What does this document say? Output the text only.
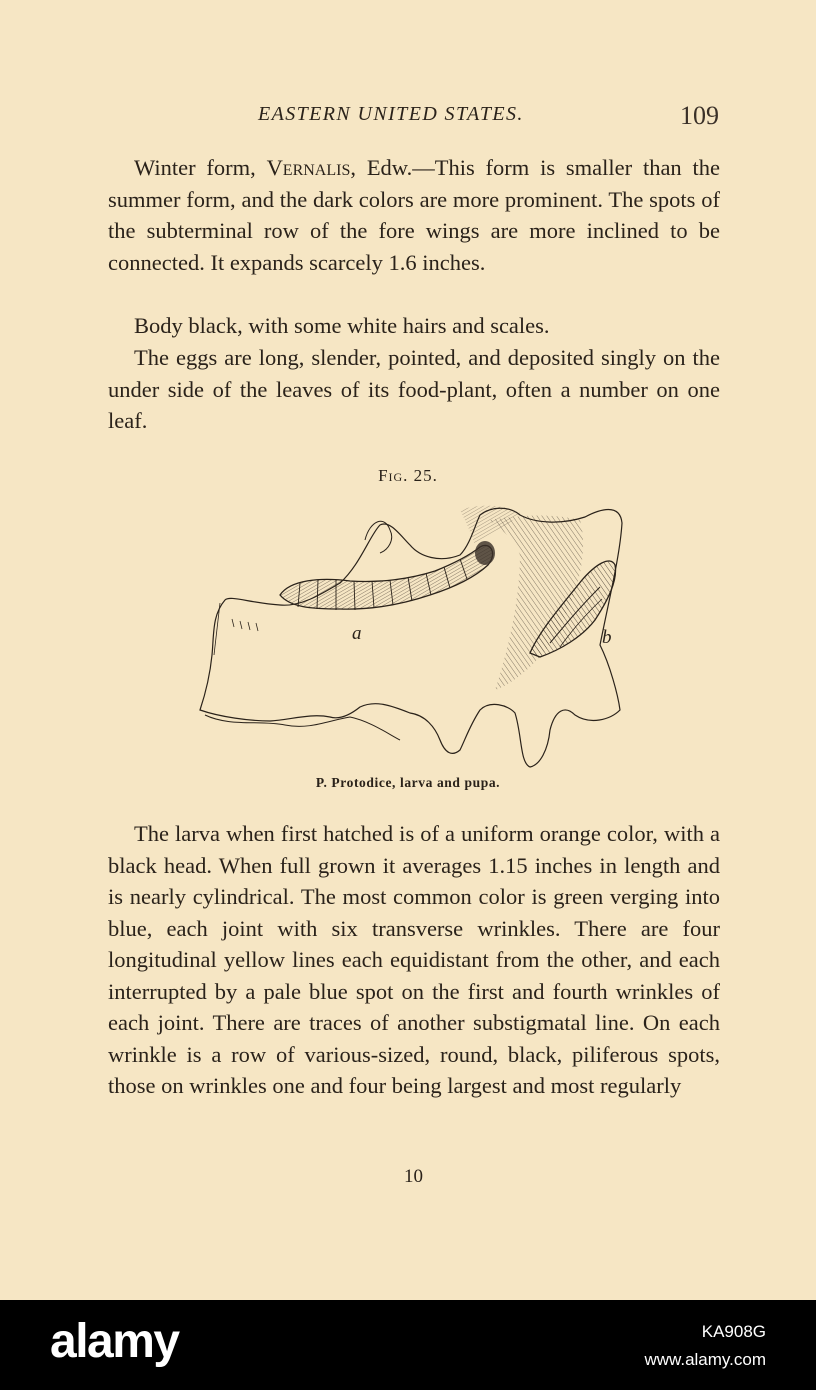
EASTERN UNITED STATES.	109

Winter form, Vernalis, Edw.—This form is smaller than the summer form, and the dark colors are more prominent. The spots of the subterminal row of the fore wings are more inclined to be connected. It expands scarcely 1.6 inches.

Body black, with some white hairs and scales.

The eggs are long, slender, pointed, and deposited singly on the under side of the leaves of its food-plant, often a number on one leaf.

Fig. 25.
a	b
P. Protodice, larva and pupa.

The larva when first hatched is of a uniform orange color, with a black head. When full grown it averages 1.15 inches in length and is nearly cylindrical. The most common color is green verging into blue, each joint with six transverse wrinkles. There are four longitudinal yellow lines each equidistant from the other, and each interrupted by a pale blue spot on the first and fourth wrinkles of each joint. There are traces of another substigmatal line. On each wrinkle is a row of various-sized, round, black, piliferous spots, those on wrinkles one and four being largest and most regularly

10
alamy	KA908G
www.alamy.com
